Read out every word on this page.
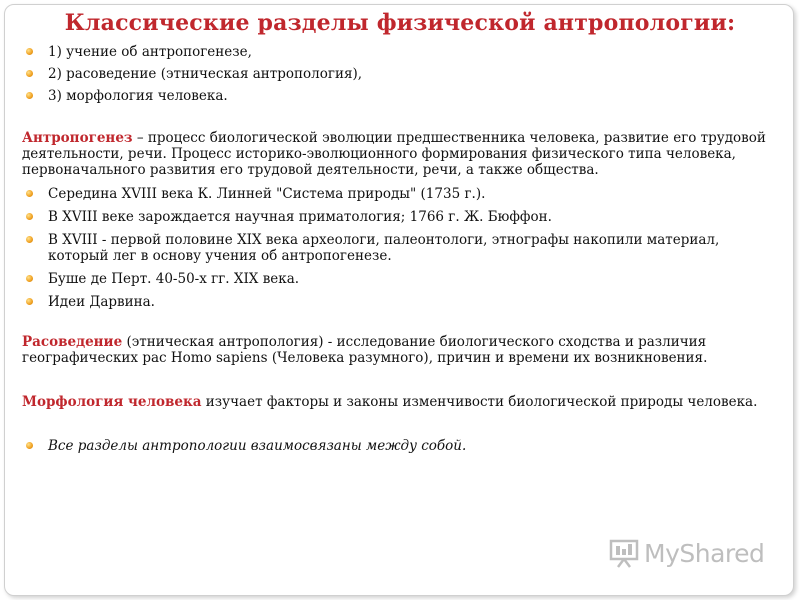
Классические разделы физической антропологии:
1) учение об антропогенезе,
2) расоведение (этническая антропология),
3) морфология человека.

Антропогенез – процесс биологической эволюции предшественника человека, развитие его трудовой деятельности, речи. Процесс историко-эволюционного формирования физического типа человека, первоначального развития его трудовой деятельности, речи, а также общества.

Середина XVIII века К. Линней "Система природы" (1735 г.).
В XVIII веке зарождается научная приматология; 1766 г. Ж. Бюффон.
В XVIII - первой половине XIX века археологи, палеонтологи, этнографы накопили материал, который лег в основу учения об антропогенезе.
Буше де Перт. 40-50-х гг. XIX века.
Идеи Дарвина.

Расоведение (этническая антропология) - исследование биологического сходства и различия географических рас Homo sapiens (Человека разумного), причин и времени их возникновения.

Морфология человека изучает факторы и законы изменчивости биологической природы человека.

Все разделы антропологии взаимосвязаны между собой.
MyShared
